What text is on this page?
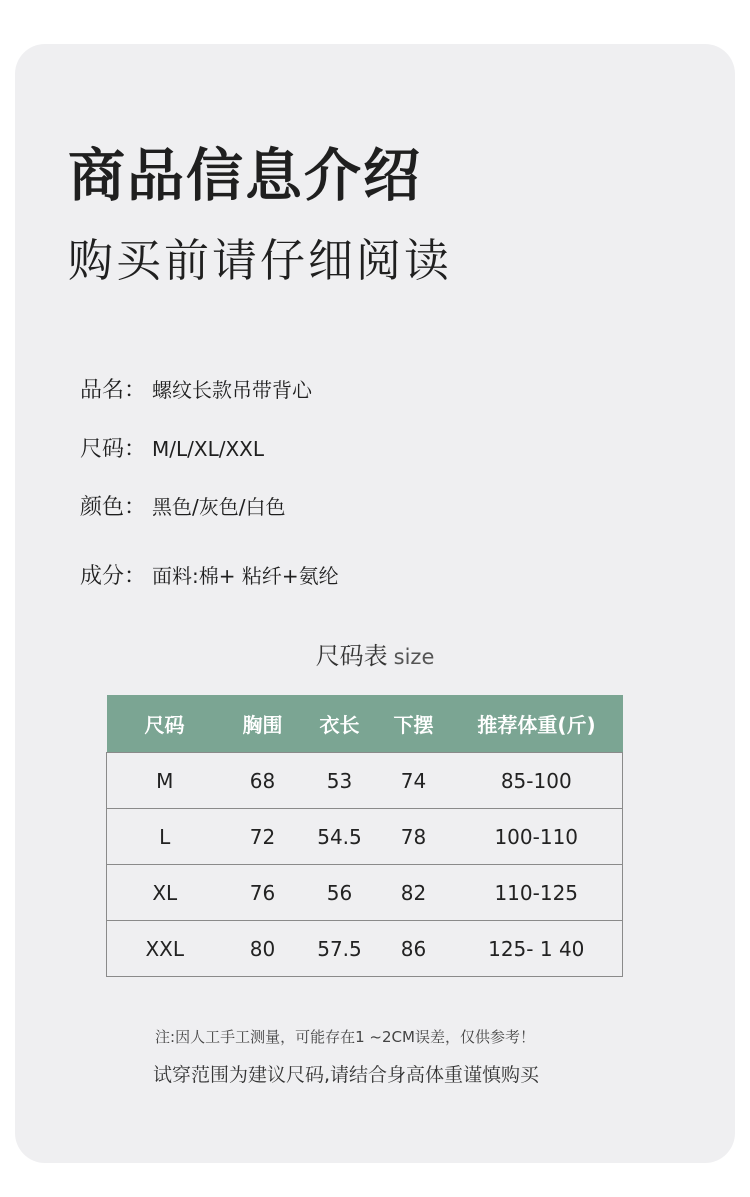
商品信息介绍
购买前请仔细阅读
品名： 螺纹长款吊带背心
尺码： M/L/XL/XXL
颜色： 黑色/灰色/白色
成分： 面料:棉+ 粘纤+氨纶
尺码表 size
尺码	胸围	衣长	下摆	推荐体重(斤)
M	68	53	74	85-100
L	72	54.5	78	100-110
XL	76	56	82	110-125
XXL	80	57.5	86	125- 1 40
注:因人工手工测量，可能存在1 ~2CM误差，仅供参考！
试穿范围为建议尺码,请结合身高体重谨慎购买
